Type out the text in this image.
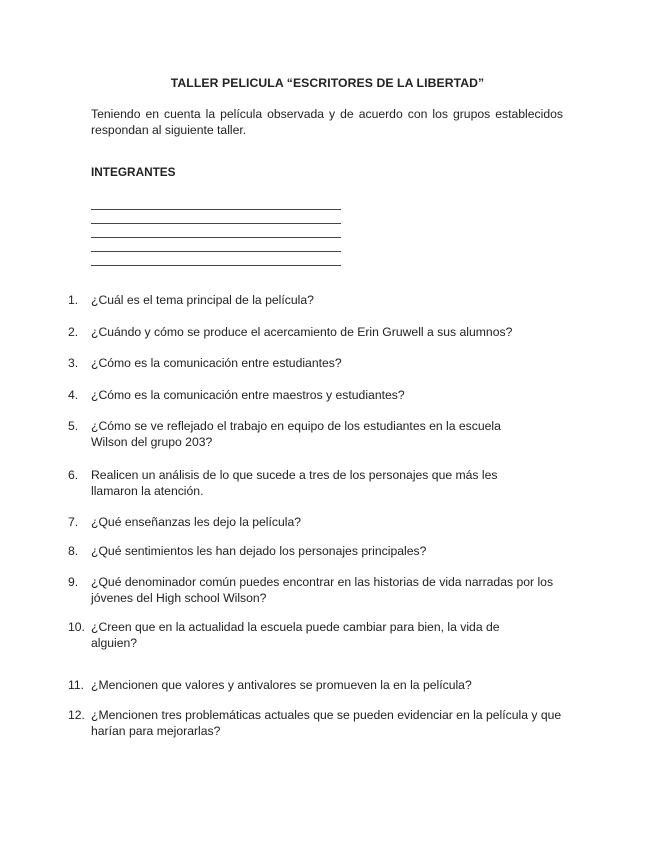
TALLER PELICULA “ESCRITORES DE LA LIBERTAD”
Teniendo en cuenta la película observada y de acuerdo con los grupos establecidos respondan al siguiente taller.
INTEGRANTES
1.	¿Cuál es el tema principal de la película?
2.	¿Cuándo y cómo se produce el acercamiento de Erin Gruwell a sus alumnos?
3.	¿Cómo es la comunicación entre estudiantes?
4.	¿Cómo es la comunicación entre maestros y estudiantes?
5.	¿Cómo se ve reflejado el trabajo en equipo de los estudiantes en la escuela Wilson del grupo 203?
6.	Realicen un análisis de lo que sucede a tres de los personajes que más les llamaron la atención.
7.	¿Qué enseñanzas les dejo la película?
8.	¿Qué sentimientos les han dejado los personajes principales?
9.	¿Qué denominador común puedes encontrar en las historias de vida narradas por los jóvenes del High school Wilson?
10. ¿Creen que en la actualidad la escuela puede cambiar para bien, la vida de alguien?
11. ¿Mencionen que valores y antivalores se promueven la en la película?
12. ¿Mencionen tres problemáticas actuales que se pueden evidenciar en la película y que harían para mejorarlas?
